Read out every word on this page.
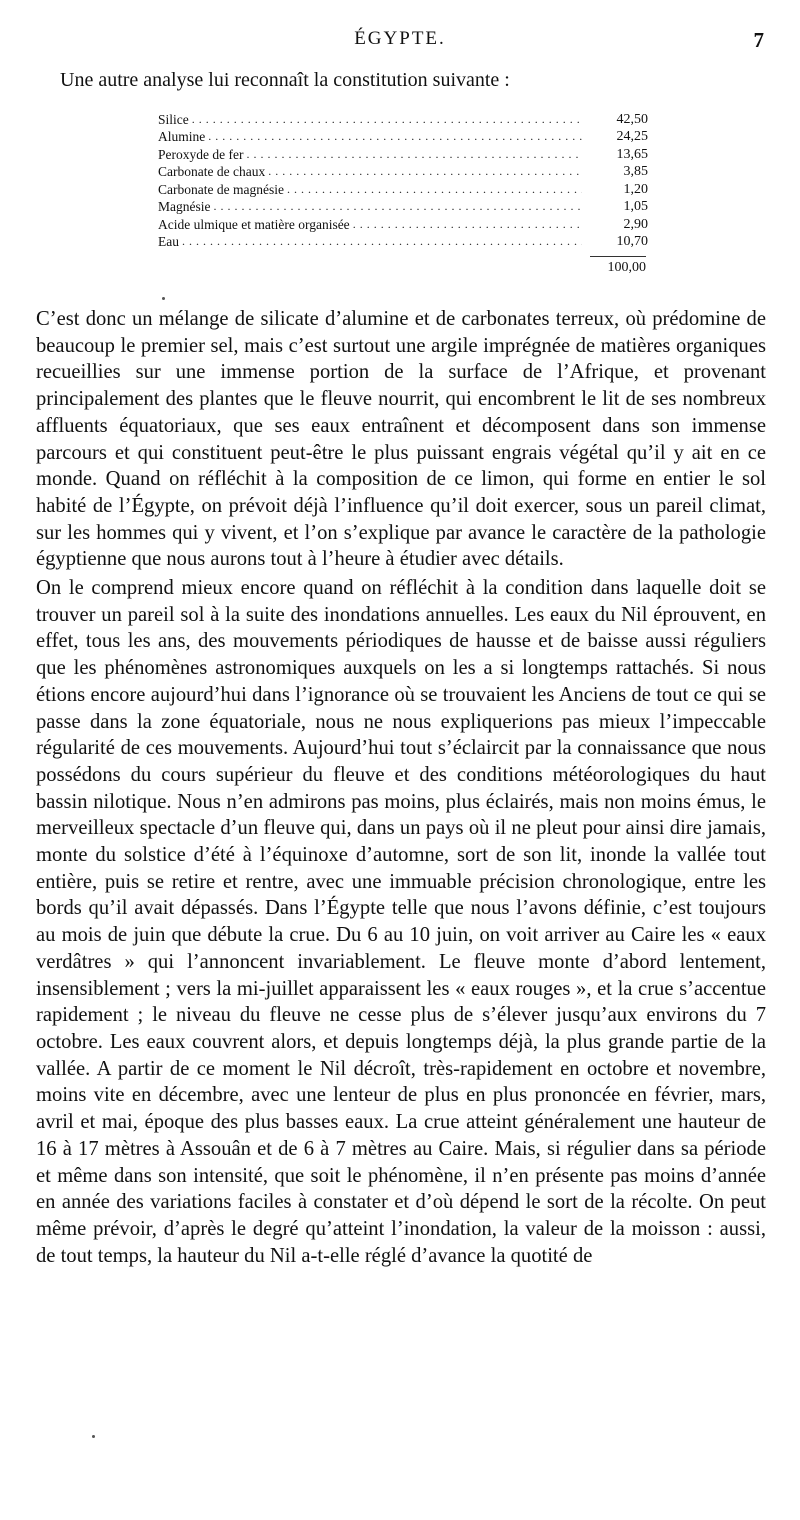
ÉGYPTE.	7

Une autre analyse lui reconnaît la constitution suivante :

Silice .....	42,50
Alumine .....	24,25
Peroxyde de fer .....	13,65
Carbonate de chaux .....	3,85
Carbonate de magnésie .....	1,20
Magnésie .....	1,05
Acide ulmique et matière organisée .....	2,90
Eau .....	10,70
100,00

C’est donc un mélange de silicate d’alumine et de carbonates terreux, où prédomine de beaucoup le premier sel, mais c’est surtout une argile imprégnée de matières organiques recueillies sur une immense portion de la surface de l’Afrique, et provenant principalement des plantes que le fleuve nourrit, qui encombrent le lit de ses nombreux affluents équatoriaux, que ses eaux entraînent et décomposent dans son immense parcours et qui constituent peut-être le plus puissant engrais végétal qu’il y ait en ce monde. Quand on réfléchit à la composition de ce limon, qui forme en entier le sol habité de l’Égypte, on prévoit déjà l’influence qu’il doit exercer, sous un pareil climat, sur les hommes qui y vivent, et l’on s’explique par avance le caractère de la pathologie égyptienne que nous aurons tout à l’heure à étudier avec détails.

On le comprend mieux encore quand on réfléchit à la condition dans laquelle doit se trouver un pareil sol à la suite des inondations annuelles. Les eaux du Nil éprouvent, en effet, tous les ans, des mouvements périodiques de hausse et de baisse aussi réguliers que les phénomènes astronomiques auxquels on les a si longtemps rattachés. Si nous étions encore aujourd’hui dans l’ignorance où se trouvaient les Anciens de tout ce qui se passe dans la zone équatoriale, nous ne nous expliquerions pas mieux l’impeccable régularité de ces mouvements. Aujourd’hui tout s’éclaircit par la connaissance que nous possédons du cours supérieur du fleuve et des conditions météorologiques du haut bassin nilotique. Nous n’en admirons pas moins, plus éclairés, mais non moins émus, le merveilleux spectacle d’un fleuve qui, dans un pays où il ne pleut pour ainsi dire jamais, monte du solstice d’été à l’équinoxe d’automne, sort de son lit, inonde la vallée tout entière, puis se retire et rentre, avec une immuable précision chronologique, entre les bords qu’il avait dépassés. Dans l’Égypte telle que nous l’avons définie, c’est toujours au mois de juin que débute la crue. Du 6 au 10 juin, on voit arriver au Caire les « eaux verdâtres » qui l’annoncent invariablement. Le fleuve monte d’abord lentement, insensiblement ; vers la mi-juillet apparaissent les « eaux rouges », et la crue s’accentue rapidement ; le niveau du fleuve ne cesse plus de s’élever jusqu’aux environs du 7 octobre. Les eaux couvrent alors, et depuis longtemps déjà, la plus grande partie de la vallée. A partir de ce moment le Nil décroît, très-rapidement en octobre et novembre, moins vite en décembre, avec une lenteur de plus en plus prononcée en février, mars, avril et mai, époque des plus basses eaux. La crue atteint généralement une hauteur de 16 à 17 mètres à Assouân et de 6 à 7 mètres au Caire. Mais, si régulier dans sa période et même dans son intensité, que soit le phénomène, il n’en présente pas moins d’année en année des variations faciles à constater et d’où dépend le sort de la récolte. On peut même prévoir, d’après le degré qu’atteint l’inondation, la valeur de la moisson : aussi, de tout temps, la hauteur du Nil a-t-elle réglé d’avance la quotité de
